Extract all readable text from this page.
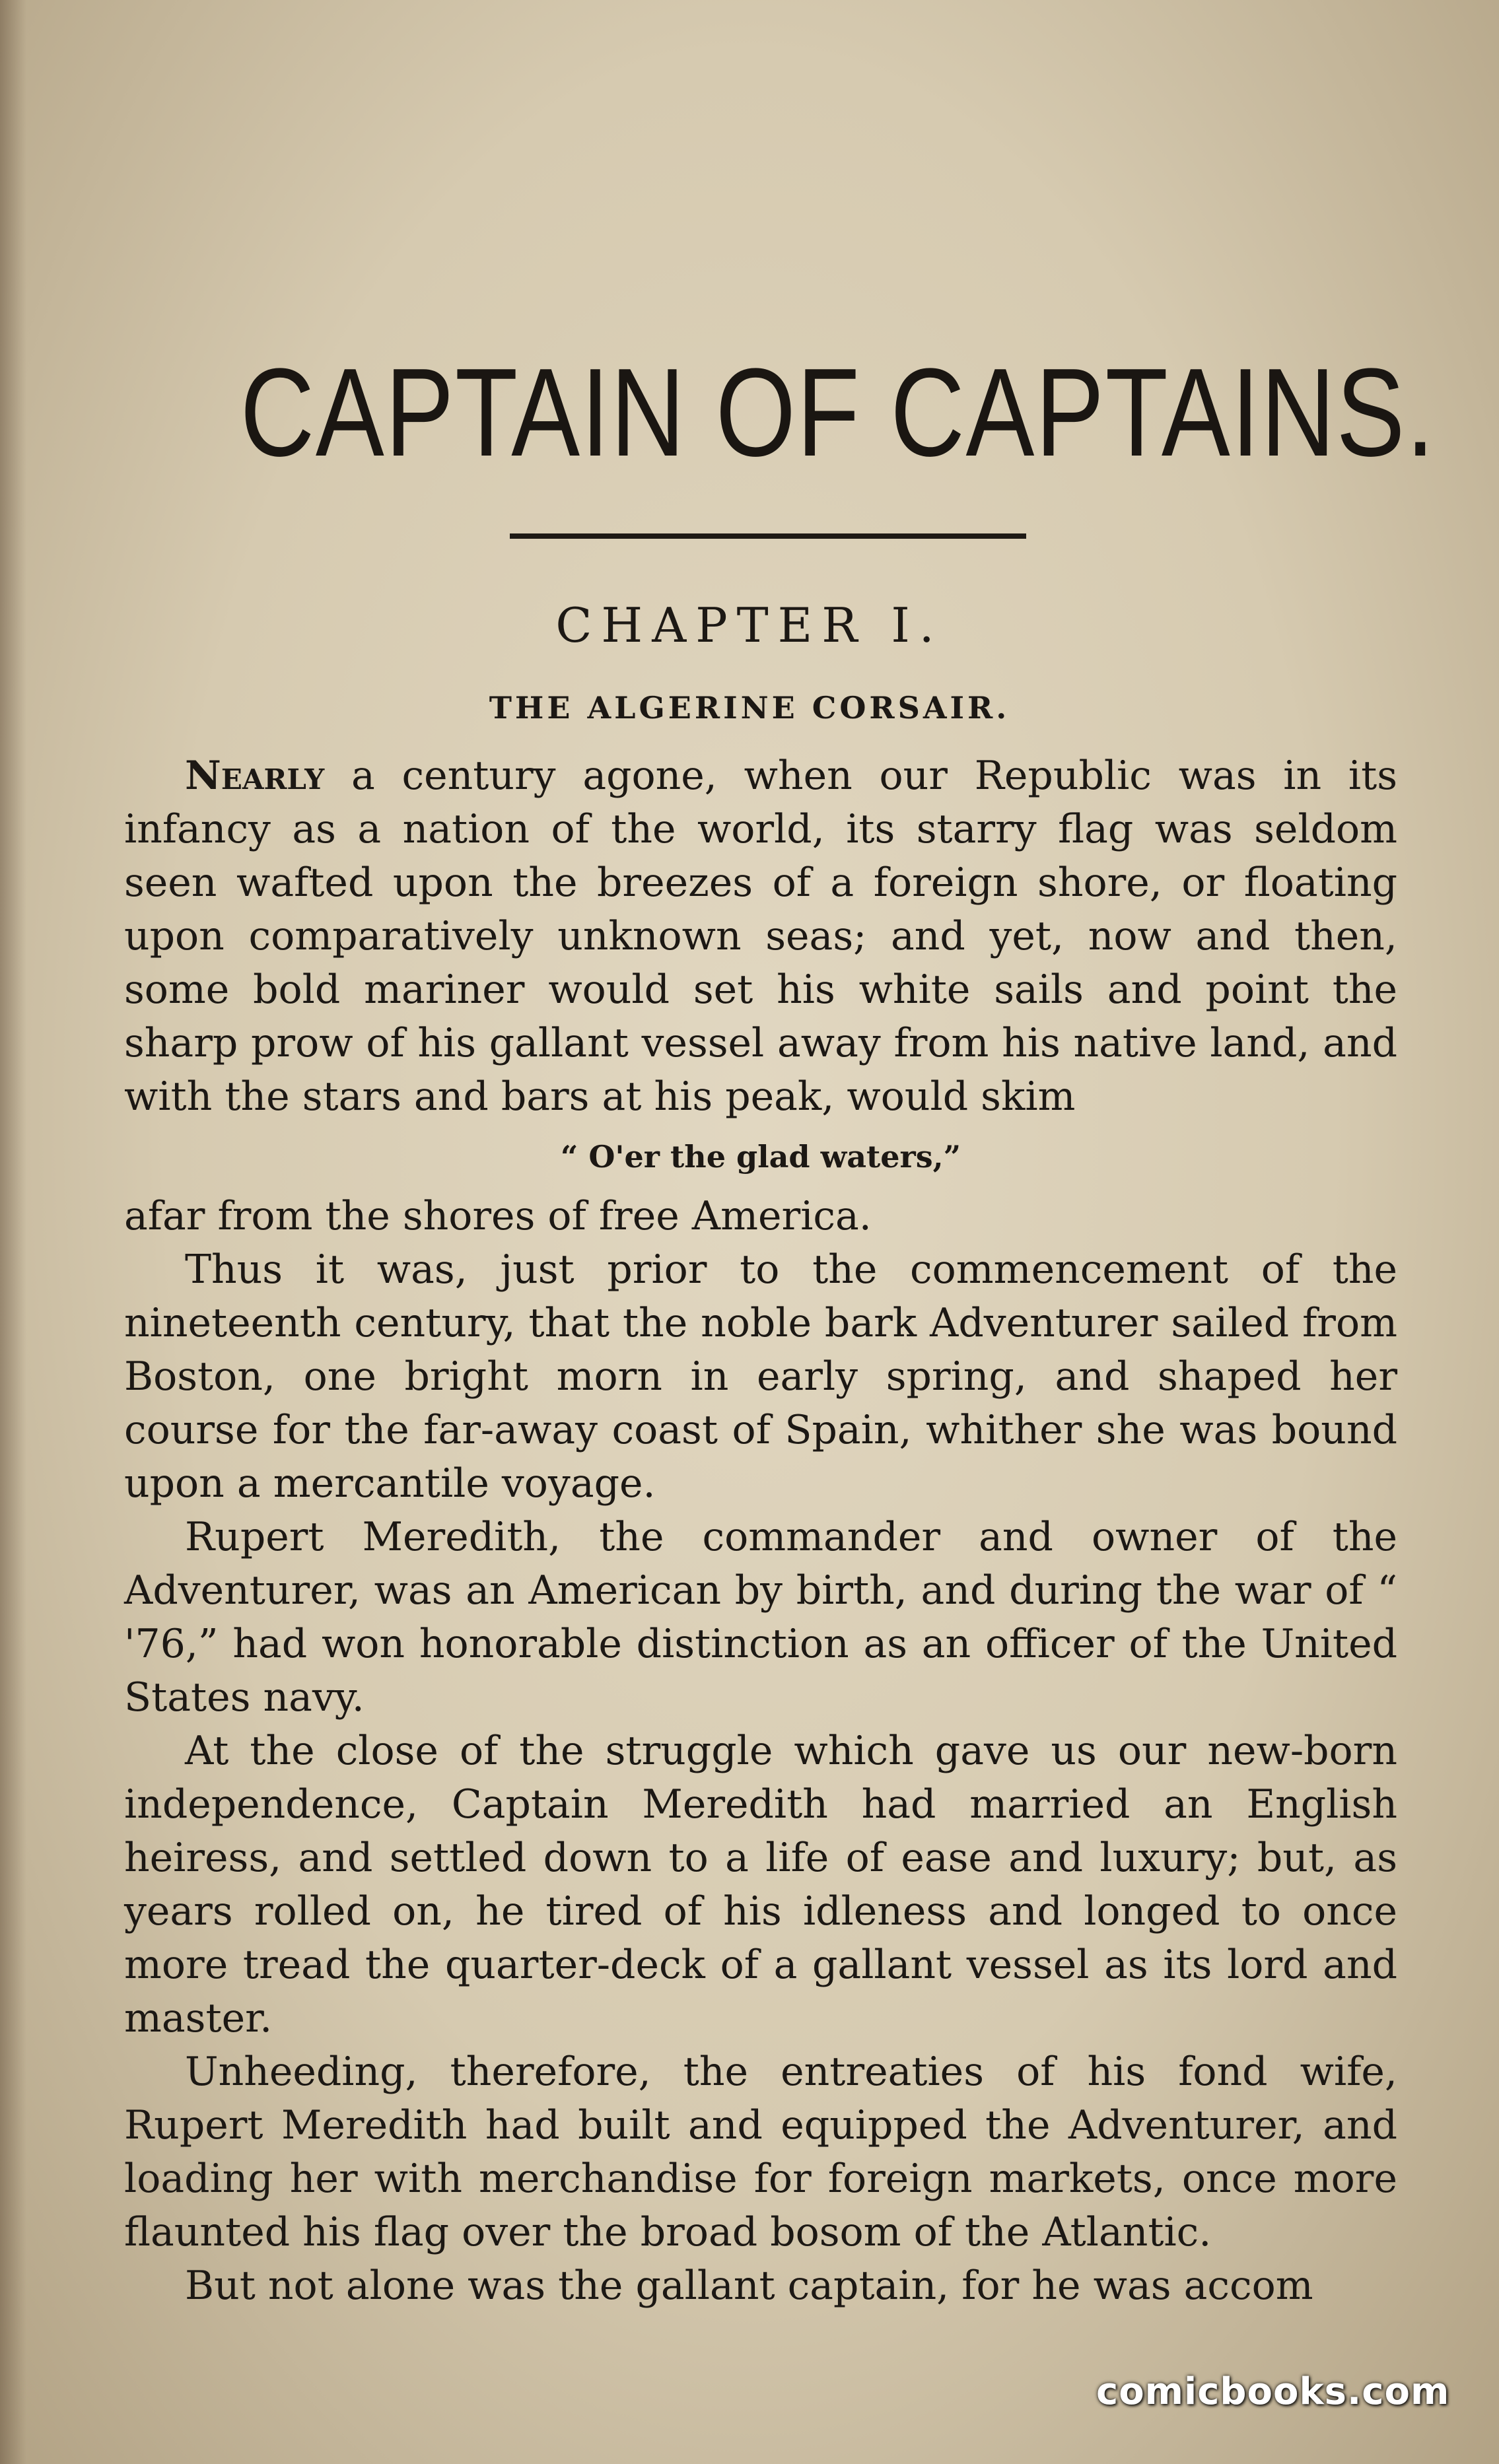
CAPTAIN OF CAPTAINS.
CHAPTER I.
THE ALGERINE CORSAIR.

Nearly a century agone, when our Republic was in its infancy as a nation of the world, its starry flag was seldom seen wafted upon the breezes of a foreign shore, or floating upon comparatively unknown seas; and yet, now and then, some bold mariner would set his white sails and point the sharp prow of his gallant vessel away from his native land, and with the stars and bars at his peak, would skim

“ O'er the glad waters,”

afar from the shores of free America.

Thus it was, just prior to the commencement of the nineteenth century, that the noble bark Adventurer sailed from Boston, one bright morn in early spring, and shaped her course for the far-away coast of Spain, whither she was bound upon a mercantile voyage.

Rupert Meredith, the commander and owner of the Adventurer, was an American by birth, and during the war of “ '76,” had won honorable distinction as an officer of the United States navy.

At the close of the struggle which gave us our new-born independence, Captain Meredith had married an English heiress, and settled down to a life of ease and luxury; but, as years rolled on, he tired of his idleness and longed to once more tread the quarter-deck of a gallant vessel as its lord and master.

Unheeding, therefore, the entreaties of his fond wife, Rupert Meredith had built and equipped the Adventurer, and loading her with merchandise for foreign markets, once more flaunted his flag over the broad bosom of the Atlantic.

But not alone was the gallant captain, for he was accom

comicbooks.com
